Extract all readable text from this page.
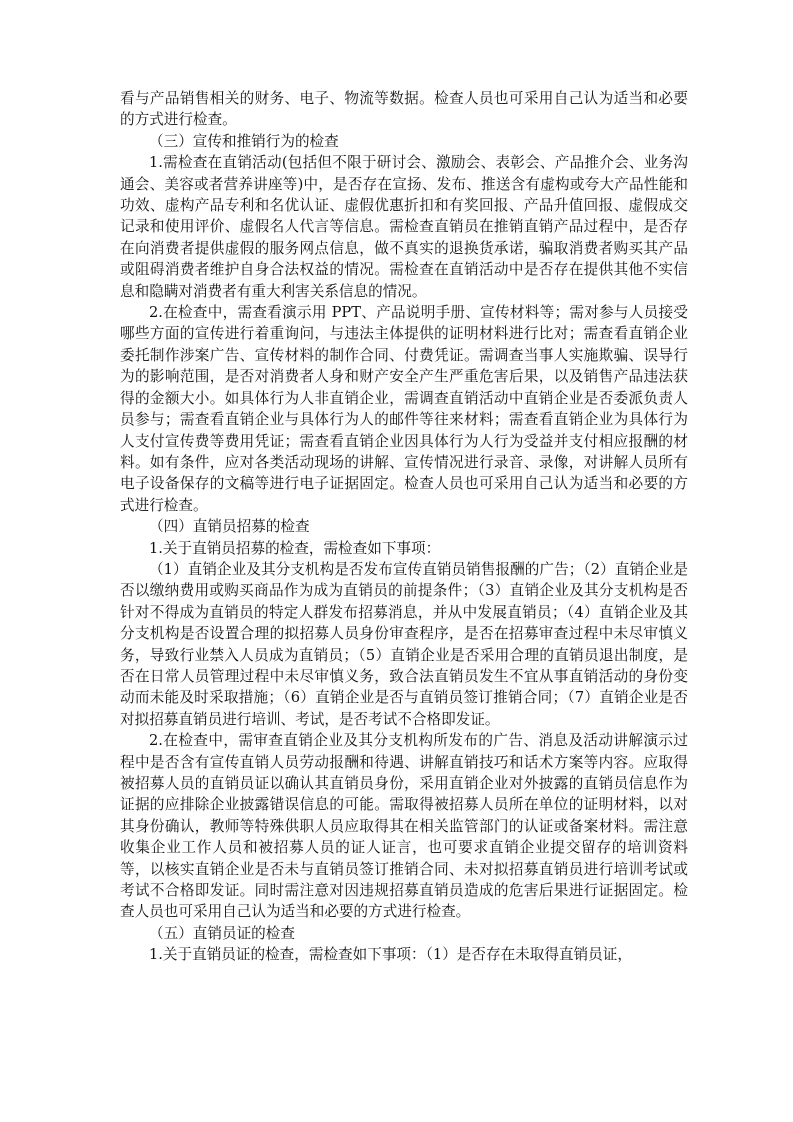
看与产品销售相关的财务、电子、物流等数据。检查人员也可采用自己认为适当和必要的方式进行检查。

（三）宣传和推销行为的检查

1.需检查在直销活动(包括但不限于研讨会、激励会、表彰会、产品推介会、业务沟通会、美容或者营养讲座等)中，是否存在宣扬、发布、推送含有虚构或夸大产品性能和功效、虚构产品专利和名优认证、虚假优惠折扣和有奖回报、产品升值回报、虚假成交记录和使用评价、虚假名人代言等信息。需检查直销员在推销直销产品过程中，是否存在向消费者提供虚假的服务网点信息，做不真实的退换货承诺，骗取消费者购买其产品或阻碍消费者维护自身合法权益的情况。需检查在直销活动中是否存在提供其他不实信息和隐瞒对消费者有重大利害关系信息的情况。

2.在检查中，需查看演示用 PPT、产品说明手册、宣传材料等；需对参与人员接受哪些方面的宣传进行着重询问，与违法主体提供的证明材料进行比对；需查看直销企业委托制作涉案广告、宣传材料的制作合同、付费凭证。需调查当事人实施欺骗、误导行为的影响范围，是否对消费者人身和财产安全产生严重危害后果，以及销售产品违法获得的金额大小。如具体行为人非直销企业，需调查直销活动中直销企业是否委派负责人员参与；需查看直销企业与具体行为人的邮件等往来材料；需查看直销企业为具体行为人支付宣传费等费用凭证；需查看直销企业因具体行为人行为受益并支付相应报酬的材料。如有条件，应对各类活动现场的讲解、宣传情况进行录音、录像，对讲解人员所有电子设备保存的文稿等进行电子证据固定。检查人员也可采用自己认为适当和必要的方式进行检查。

（四）直销员招募的检查

1.关于直销员招募的检查，需检查如下事项：

（1）直销企业及其分支机构是否发布宣传直销员销售报酬的广告；（2）直销企业是否以缴纳费用或购买商品作为成为直销员的前提条件；（3）直销企业及其分支机构是否针对不得成为直销员的特定人群发布招募消息，并从中发展直销员；（4）直销企业及其分支机构是否设置合理的拟招募人员身份审查程序，是否在招募审查过程中未尽审慎义务，导致行业禁入人员成为直销员；（5）直销企业是否采用合理的直销员退出制度，是否在日常人员管理过程中未尽审慎义务，致合法直销员发生不宜从事直销活动的身份变动而未能及时采取措施；（6）直销企业是否与直销员签订推销合同；（7）直销企业是否对拟招募直销员进行培训、考试，是否考试不合格即发证。

2.在检查中，需审查直销企业及其分支机构所发布的广告、消息及活动讲解演示过程中是否含有宣传直销人员劳动报酬和待遇、讲解直销技巧和话术方案等内容。应取得被招募人员的直销员证以确认其直销员身份，采用直销企业对外披露的直销员信息作为证据的应排除企业披露错误信息的可能。需取得被招募人员所在单位的证明材料，以对其身份确认，教师等特殊供职人员应取得其在相关监管部门的认证或备案材料。需注意收集企业工作人员和被招募人员的证人证言，也可要求直销企业提交留存的培训资料等，以核实直销企业是否未与直销员签订推销合同、未对拟招募直销员进行培训考试或考试不合格即发证。同时需注意对因违规招募直销员造成的危害后果进行证据固定。检查人员也可采用自己认为适当和必要的方式进行检查。

（五）直销员证的检查

1.关于直销员证的检查，需检查如下事项：（1）是否存在未取得直销员证，
